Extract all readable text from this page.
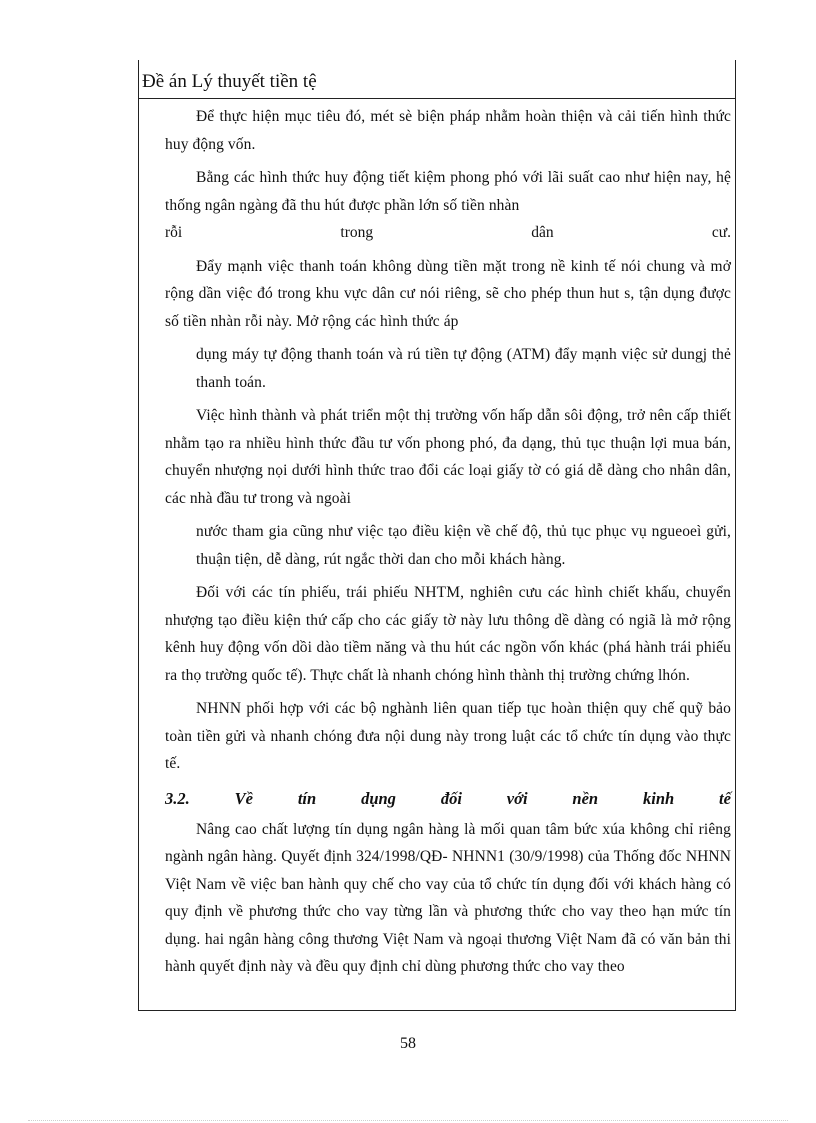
Đề án Lý thuyết tiền tệ

Để thực hiện mục tiêu đó, mét sè biện pháp nhằm hoàn thiện và cải tiến hình thức huy động vốn.

Bằng các hình thức huy động tiết kiệm phong phó với lãi suất cao như hiện nay, hệ thống ngân ngàng đã thu hút được phần lớn số tiền nhàn

rỗi	trong	dân	cư.

Đẩy mạnh việc thanh toán không dùng tiền mặt trong nề kinh tế nói chung và mở rộng dần việc đó trong khu vực dân cư nói riêng, sẽ cho phép thun hut s, tận dụng được số tiền nhàn rỗi này. Mở rộng các hình thức áp

dụng máy tự động thanh toán và rú tiền tự động (ATM) đẩy mạnh việc sử dungj thẻ thanh toán.

Việc hình thành và phát triển một thị trường vốn hấp dẫn sôi động, trở nên cấp thiết nhằm tạo ra nhiều hình thức đầu tư vốn phong phó, đa dạng, thủ tục thuận lợi mua bán, chuyển nhượng nọi dưới hình thức trao đổi các loại giấy tờ có giá dễ dàng cho nhân dân, các nhà đầu tư trong và ngoài

nước tham gia cũng như việc tạo điều kiện về chế độ, thủ tục phục vụ ngueoeì gửi, thuận tiện, dễ dàng, rút ngắc thời dan cho mỗi khách hàng.

Đối với các tín phiếu, trái phiếu NHTM, nghiên cưu các hình chiết khấu, chuyển nhượng tạo điều kiện thứ cấp cho các giấy tờ này lưu thông dề dàng có ngiã là mở rộng kênh huy động vốn dồi dào tiềm năng và thu hút các ngồn vốn khác (phá hành trái phiếu ra thọ trường quốc tế). Thực chất là nhanh chóng hình thành thị trường chứng lhón.

NHNN phối hợp với các bộ nghành liên quan tiếp tục hoàn thiện quy chế quỹ bảo toàn tiền gửi và nhanh chóng đưa nội dung này trong luật các tổ chức tín dụng vào thực tế.

3.2.	Về	tín	dụng	đối	với	nền	kinh	tế

Nâng cao chất lượng tín dụng ngân hàng là mối quan tâm bức xúa không chỉ riêng ngành ngân hàng. Quyết định 324/1998/QĐ- NHNN1 (30/9/1998) của Thống đốc NHNN Việt Nam về việc ban hành quy chế cho vay của tổ chức tín dụng đối với khách hàng có quy định về phương thức cho vay từng lần và phương thức cho vay theo hạn mức tín dụng. hai ngân hàng công thương Việt Nam và ngoại thương Việt Nam đã có văn bản thi hành quyết định này và đều quy định chỉ dùng phương thức cho vay theo

58
